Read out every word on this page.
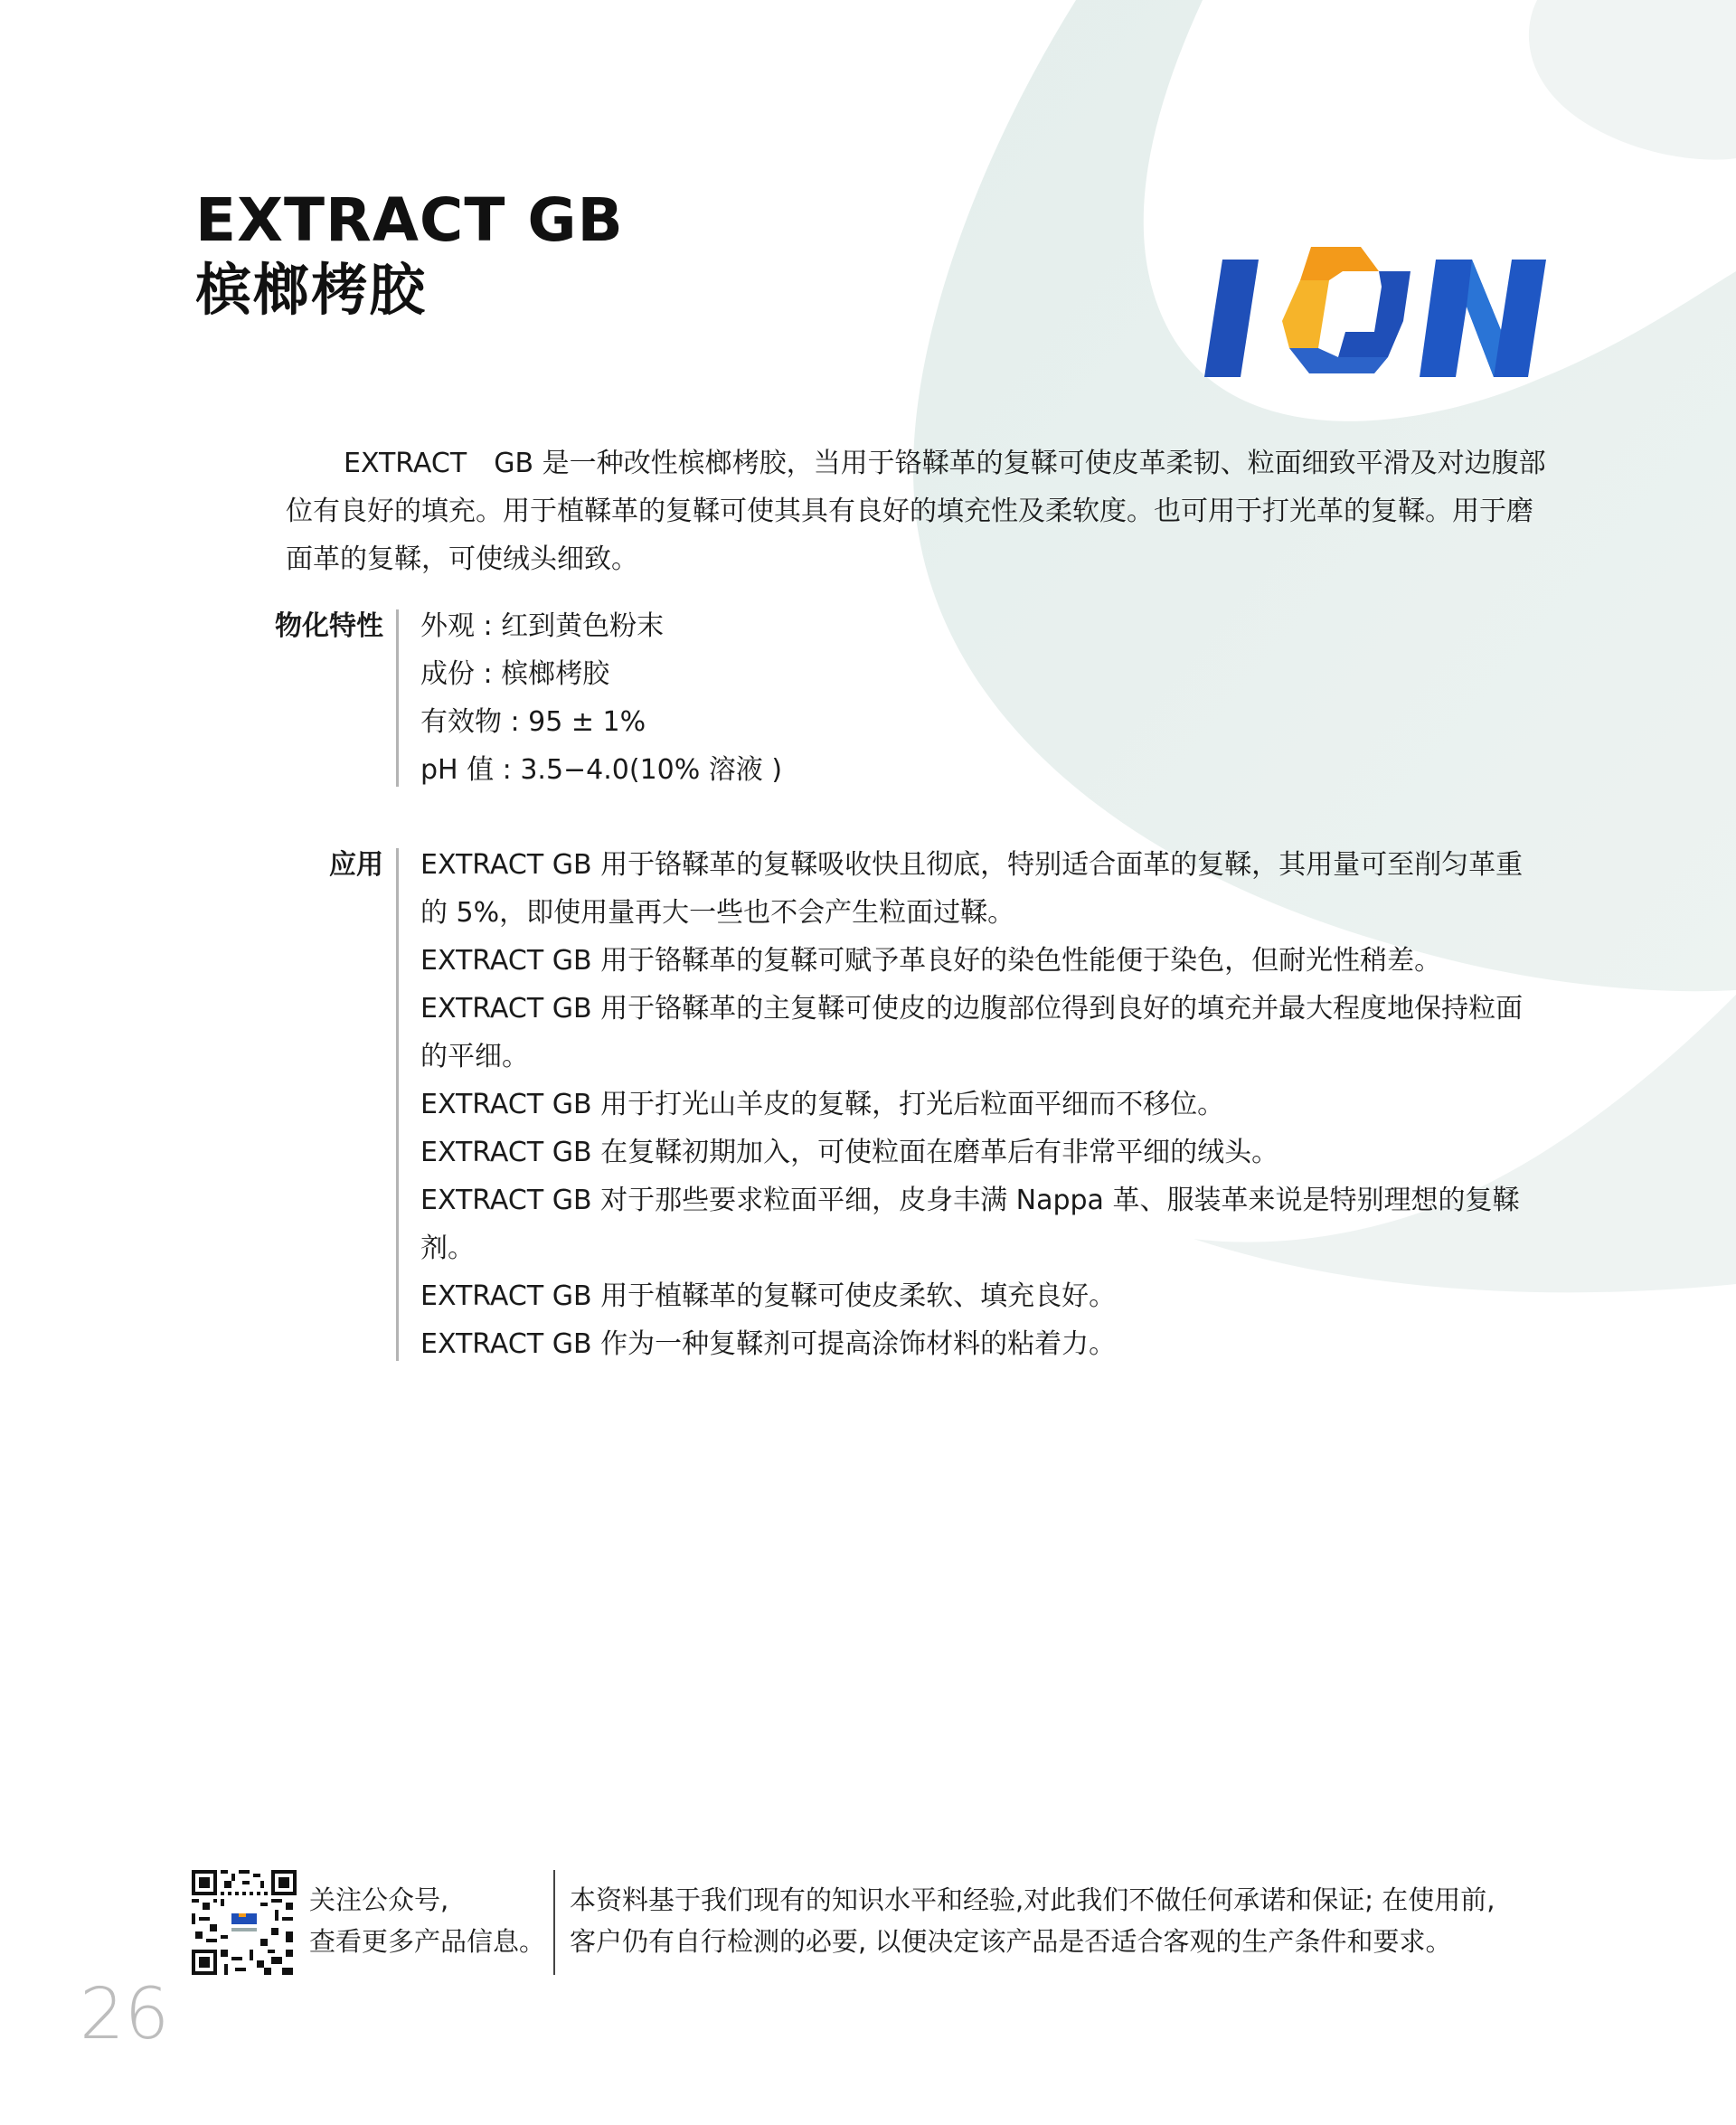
EXTRACT GB
槟榔栲胶
EXTRACT　GB 是一种改性槟榔栲胶，当用于铬鞣革的复鞣可使皮革柔韧、粒面细致平滑及对边腹部位有良好的填充。用于植鞣革的复鞣可使其具有良好的填充性及柔软度。也可用于打光革的复鞣。用于磨面革的复鞣，可使绒头细致。
物化特性	外观 : 红到黄色粉末

成份 : 槟榔栲胶

有效物 : 95 ± 1%

pH 值 : 3.5−4.0(10% 溶液 )

应用	EXTRACT GB 用于铬鞣革的复鞣吸收快且彻底，特别适合面革的复鞣，其用量可至削匀革重的 5%，即使用量再大一些也不会产生粒面过鞣。

EXTRACT GB 用于铬鞣革的复鞣可赋予革良好的染色性能便于染色，但耐光性稍差。

EXTRACT GB 用于铬鞣革的主复鞣可使皮的边腹部位得到良好的填充并最大程度地保持粒面的平细。

EXTRACT GB 用于打光山羊皮的复鞣，打光后粒面平细而不移位。

EXTRACT GB 在复鞣初期加入，可使粒面在磨革后有非常平细的绒头。

EXTRACT GB 对于那些要求粒面平细，皮身丰满 Nappa 革、服装革来说是特别理想的复鞣剂。

EXTRACT GB 用于植鞣革的复鞣可使皮柔软、填充良好。

EXTRACT GB 作为一种复鞣剂可提高涂饰材料的粘着力。

关注公众号,
查看更多产品信息。
本资料基于我们现有的知识水平和经验,对此我们不做任何承诺和保证; 在使用前,
客户仍有自行检测的必要, 以便决定该产品是否适合客观的生产条件和要求。
26
